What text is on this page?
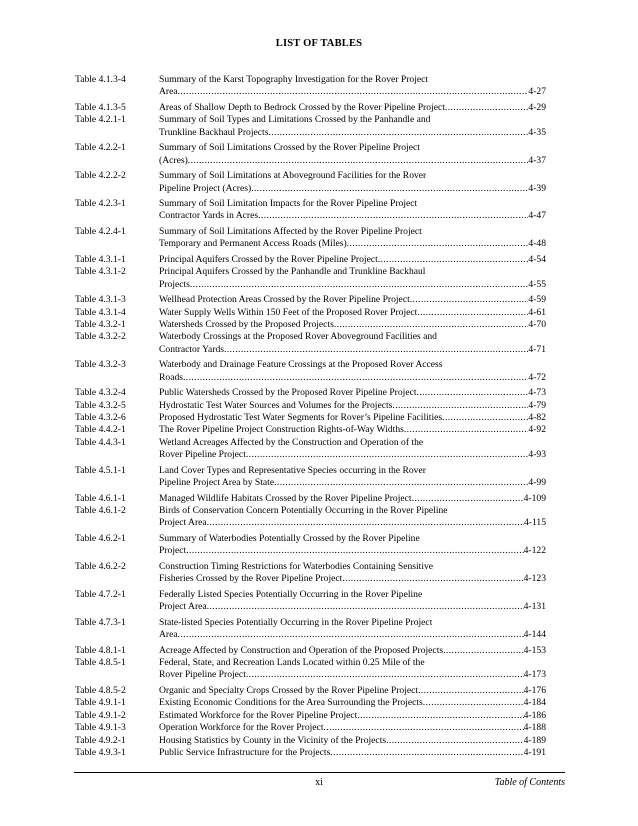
LIST OF TABLES
Table 4.1.3-4	Summary of the Karst Topography Investigation for the Rover Project
Area .....	4-27
Table 4.1.3-5	Areas of Shallow Depth to Bedrock Crossed by the Rover Pipeline Project .....	4-29
Table 4.2.1-1	Summary of Soil Types and Limitations Crossed by the Panhandle and
Trunkline Backhaul Projects .....	4-35
Table 4.2.2-1	Summary of Soil Limitations Crossed by the Rover Pipeline Project
(Acres) .....	4-37
Table 4.2.2-2	Summary of Soil Limitations at Aboveground Facilities for the Rover
Pipeline Project (Acres) .....	4-39
Table 4.2.3-1	Summary of Soil Limitation Impacts for the Rover Pipeline Project
Contractor Yards in Acres .....	4-47
Table 4.2.4-1	Summary of Soil Limitations Affected by the Rover Pipeline Project
Temporary and Permanent Access Roads (Miles) .....	4-48
Table 4.3.1-1	Principal Aquifers Crossed by the Rover Pipeline Project .....	4-54
Table 4.3.1-2	Principal Aquifers Crossed by the Panhandle and Trunkline Backhaul
Projects .....	4-55
Table 4.3.1-3	Wellhead Protection Areas Crossed by the Rover Pipeline Project .....	4-59
Table 4.3.1-4	Water Supply Wells Within 150 Feet of the Proposed Rover Project .....	4-61
Table 4.3.2-1	Watersheds Crossed by the Proposed Projects .....	4-70
Table 4.3.2-2	Waterbody Crossings at the Proposed Rover Aboveground Facilities and
Contractor Yards .....	4-71
Table 4.3.2-3	Waterbody and Drainage Feature Crossings at the Proposed Rover Access
Roads .....	4-72
Table 4.3.2-4	Public Watersheds Crossed by the Proposed Rover Pipeline Project .....	4-73
Table 4.3.2-5	Hydrostatic Test Water Sources and Volumes for the Projects .....	4-79
Table 4.3.2-6	Proposed Hydrostatic Test Water Segments for Rover’s Pipeline Facilities .....	4-82
Table 4.4.2-1	The Rover Pipeline Project Construction Rights-of-Way Widths .....	4-92
Table 4.4.3-1	Wetland Acreages Affected by the Construction and Operation of the
Rover Pipeline Project .....	4-93
Table 4.5.1-1	Land Cover Types and Representative Species occurring in the Rover
Pipeline Project Area by State .....	4-99
Table 4.6.1-1	Managed Wildlife Habitats Crossed by the Rover Pipeline Project .....	4-109
Table 4.6.1-2	Birds of Conservation Concern Potentially Occurring in the Rover Pipeline
Project Area .....	4-115
Table 4.6.2-1	Summary of Waterbodies Potentially Crossed by the Rover Pipeline
Project .....	4-122
Table 4.6.2-2	Construction Timing Restrictions for Waterbodies Containing Sensitive
Fisheries Crossed by the Rover Pipeline Project .....	4-123
Table 4.7.2-1	Federally Listed Species Potentially Occurring in the Rover Pipeline
Project Area .....	4-131
Table 4.7.3-1	State-listed Species Potentially Occurring in the Rover Pipeline Project
Area .....	4-144
Table 4.8.1-1	Acreage Affected by Construction and Operation of the Proposed Projects .....	4-153
Table 4.8.5-1	Federal, State, and Recreation Lands Located within 0.25 Mile of the
Rover Pipeline Project .....	4-173
Table 4.8.5-2	Organic and Specialty Crops Crossed by the Rover Pipeline Project .....	4-176
Table 4.9.1-1	Existing Economic Conditions for the Area Surrounding the Projects .....	4-184
Table 4.9.1-2	Estimated Workforce for the Rover Pipeline Project .....	4-186
Table 4.9.1-3	Operation Workforce for the Rover Project .....	4-188
Table 4.9.2-1	Housing Statistics by County in the Vicinity of the Projects .....	4-189
Table 4.9.3-1	Public Service Infrastructure for the Projects .....	4-191
xi	Table of Contents
